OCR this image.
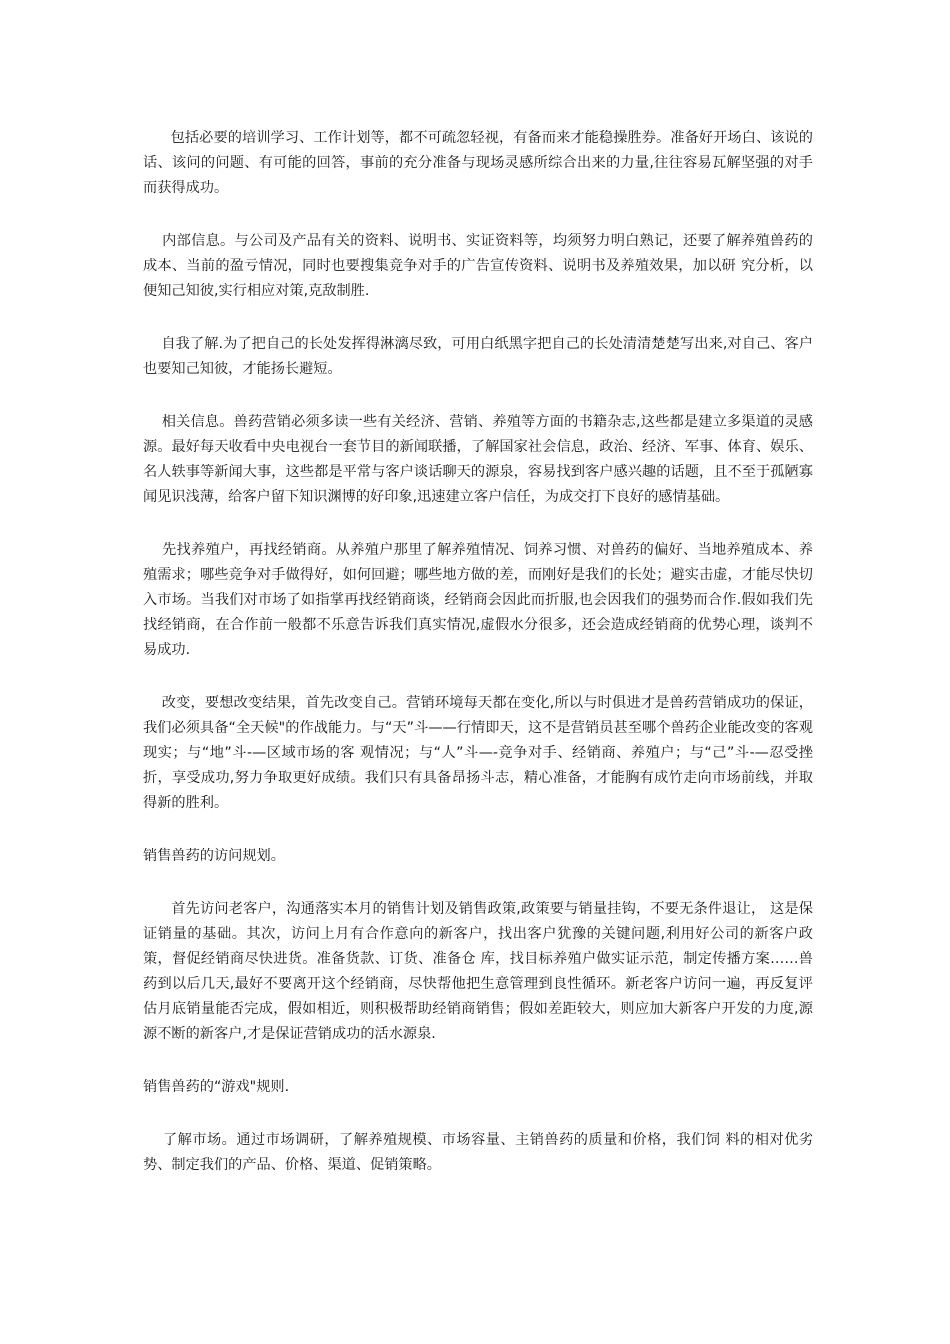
包括必要的培训学习、工作计划等，都不可疏忽轻视，有备而来才能稳操胜券。准备好开场白、该说的话、该问的问题、有可能的回答，事前的充分准备与现场灵感所综合出来的力量,往往容易瓦解坚强的对手而获得成功。

内部信息。与公司及产品有关的资料、说明书、实证资料等，均须努力明白熟记，还要了解养殖兽药的成本、当前的盈亏情况，同时也要搜集竞争对手的广告宣传资料、说明书及养殖效果，加以研 究分析，以便知己知彼,实行相应对策,克敌制胜.

自我了解.为了把自己的长处发挥得淋漓尽致，可用白纸黑字把自己的长处清清楚楚写出来,对自己、客户 也要知己知彼，才能扬长避短。

相关信息。兽药营销必须多读一些有关经济、营销、养殖等方面的书籍杂志,这些都是建立多渠道的灵感源。最好每天收看中央电视台一套节目的新闻联播，了解国家社会信息，政治、经济、军事、体育、娱乐、名人轶事等新闻大事，这些都是平常与客户谈话聊天的源泉，容易找到客户感兴趣的话题，且不至于孤陋寡闻见识浅薄，给客户留下知识渊博的好印象,迅速建立客户信任，为成交打下良好的感情基础。

先找养殖户，再找经销商。从养殖户那里了解养殖情况、饲养习惯、对兽药的偏好、当地养殖成本、养殖需求；哪些竞争对手做得好，如何回避；哪些地方做的差，而刚好是我们的长处；避实击虚，才能尽快切入市场。当我们对市场了如指掌再找经销商谈，经销商会因此而折服,也会因我们的强势而合作.假如我们先找经销商，在合作前一般都不乐意告诉我们真实情况,虚假水分很多，还会造成经销商的优势心理，谈判不易成功.

改变，要想改变结果，首先改变自己。营销环境每天都在变化,所以与时俱进才是兽药营销成功的保证，我们必须具备“全天候"的作战能力。与“天”斗——行情即天，这不是营销员甚至哪个兽药企业能改变的客观现实；与“地”斗-—区域市场的客 观情况；与“人”斗—-竞争对手、经销商、养殖户；与“己”斗-—忍受挫折，享受成功,努力争取更好成绩。我们只有具备昂扬斗志，精心准备，才能胸有成竹走向市场前线，并取得新的胜利。

销售兽药的访问规划。

首先访问老客户，沟通落实本月的销售计划及销售政策,政策要与销量挂钩，不要无条件退让， 这是保证销量的基础。其次，访问上月有合作意向的新客户，找出客户犹豫的关键问题,利用好公司的新客户政策，督促经销商尽快进货。准备货款、订货、准备仓 库，找目标养殖户做实证示范，制定传播方案……兽药到以后几天,最好不要离开这个经销商，尽快帮他把生意管理到良性循环。新老客户访问一遍，再反复评估月底销量能否完成，假如相近，则积极帮助经销商销售；假如差距较大，则应加大新客户开发的力度,源源不断的新客户,才是保证营销成功的活水源泉.

销售兽药的“游戏"规则.

了解市场。通过市场调研，了解养殖规模、市场容量、主销兽药的质量和价格，我们饲 料的相对优劣势、制定我们的产品、价格、渠道、促销策略。
